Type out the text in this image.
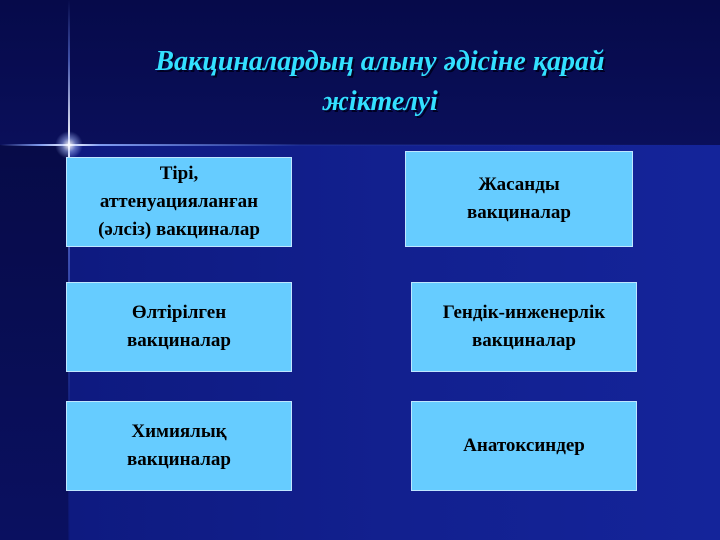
Вакциналардың алыну әдісіне қарай
жіктелуі
Тірі,
аттенуацияланған
(әлсіз) вакциналар
Жасанды
вакциналар
Өлтірілген
вакциналар
Гендік-инженерлік
вакциналар
Химиялық
вакциналар
Анатоксиндер
